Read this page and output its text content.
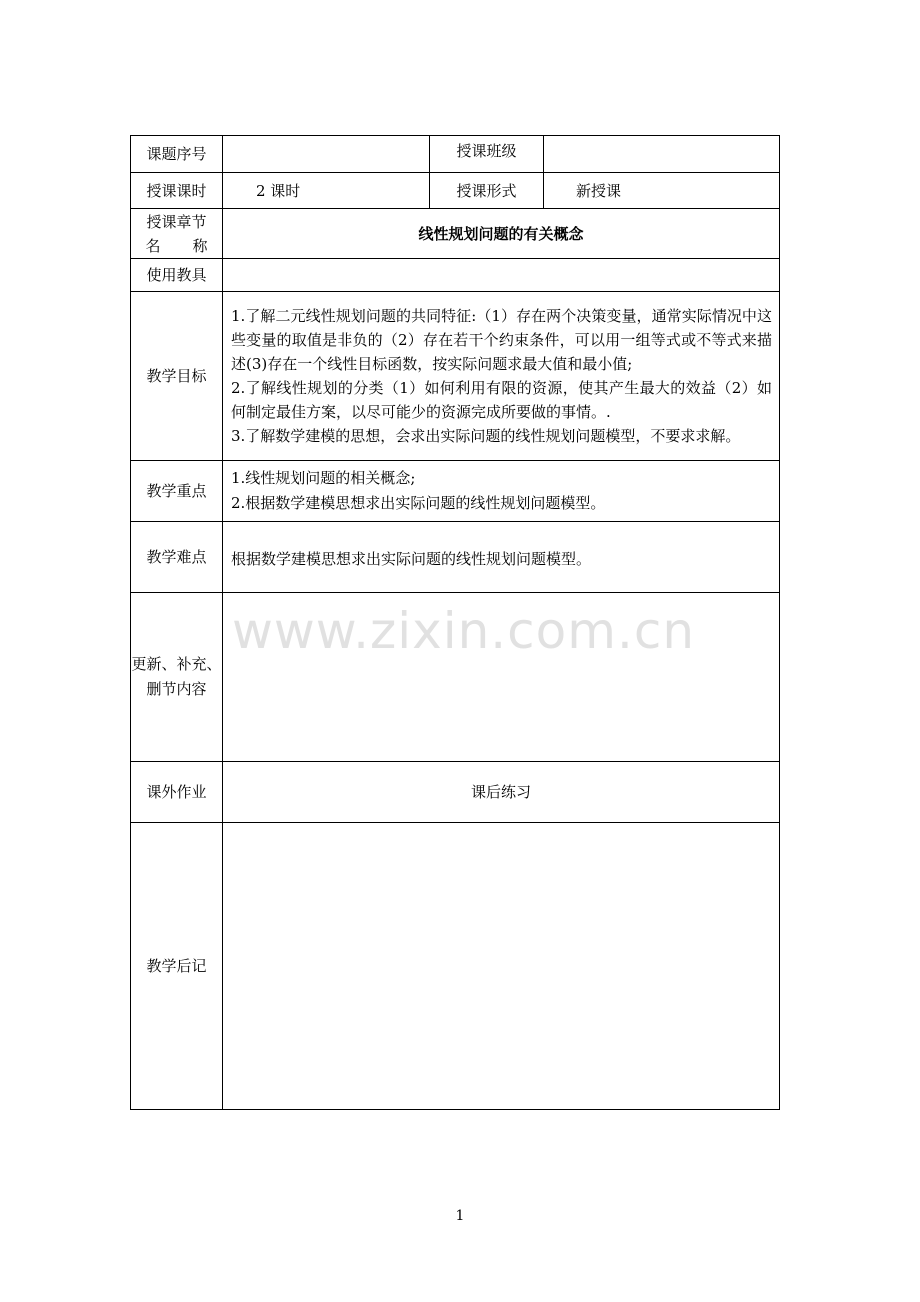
课题序号		授课班级	
授课课时	2 课时	授课形式	新授课

授课章节
名 称	线性规划问题的有关概念		
使用教具			
教学目标	1.了解二元线性规划问题的共同特征:（1）存在两个决策变量，通常实际情况中这些变量的取值是非负的（2）存在若干个约束条件，可以用一组等式或不等式来描述(3)存在一个线性目标函数，按实际问题求最大值和最小值;
2.了解线性规划的分类（1）如何利用有限的资源，使其产生最大的效益（2）如何制定最佳方案，以尽可能少的资源完成所要做的事情。.
3.了解数学建模的思想，会求出实际问题的线性规划问题模型，不要求求解。		

教学重点	1.线性规划问题的相关概念;
2.根据数学建模思想求出实际问题的线性规划问题模型。		

教学难点	根据数学建模思想求出实际问题的线性规划问题模型。		

更新、补充、
删节内容			

课外作业	课后练习		
教学后记			
www.zixin.com.cn
1
